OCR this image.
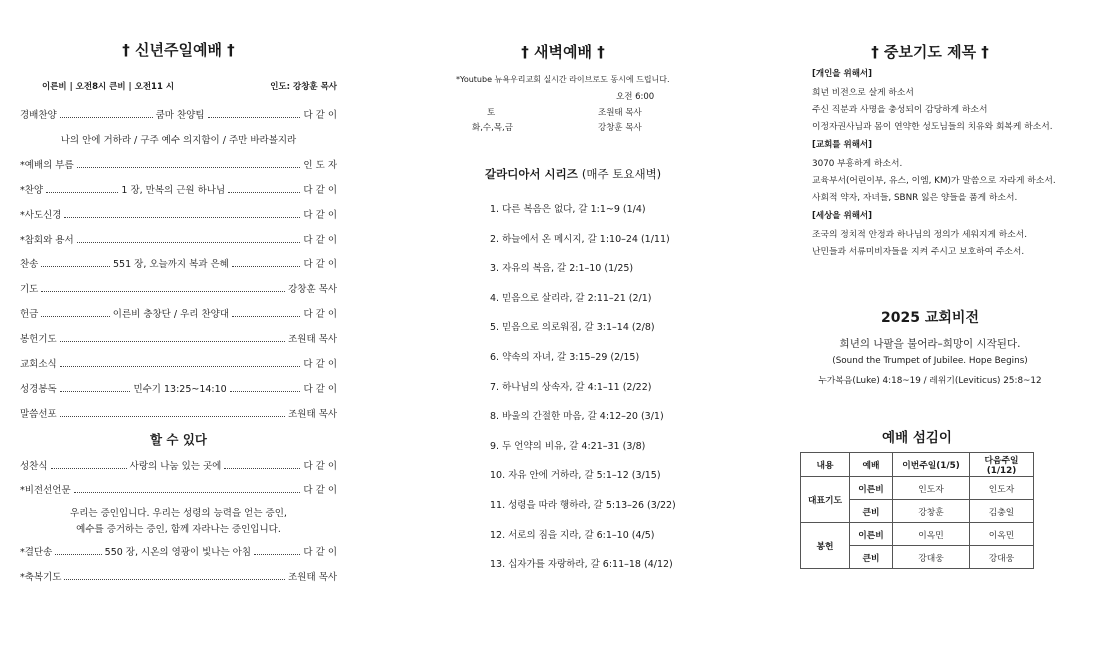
† 신년주일예배 †
이른비 | 오전8시 큰비 | 오전11 시	인도: 강창훈 목사
경배찬양	쿰마 찬양팀	다 같 이
나의 안에 거하라 / 구주 예수 의지함이 / 주만 바라볼지라
*예배의 부름	인 도 자
*찬양	1 장, 만복의 근원 하나님	다 같 이
*사도신경	다 같 이
*참회와 용서	다 같 이
찬송	551 장, 오늘까지 복과 은혜	다 같 이
기도	강창훈 목사
헌금	이른비 충창단 / 우리 찬양대	다 같 이
봉헌기도	조원태 목사
교회소식	다 같 이
성경봉독	민수기 13:25~14:10	다 같 이
말씀선포	조원태 목사
할 수 있다
성찬식	사랑의 나눔 있는 곳에	다 같 이
*비전선언문	다 같 이
우리는 증인입니다. 우리는 성령의 능력을 얻는 증인,
예수를 증거하는 증인, 함께 자라나는 증인입니다.
*결단송	550 장, 시온의 영광이 빛나는 아침	다 같 이
*축복기도	조원태 목사
† 새벽예배 †
*Youtube 뉴욕우리교회 실시간 라이브로도 동시에 드립니다.
오전 6:00
토	조원태 목사
화,수,목,금	강창훈 목사
갈라디아서 시리즈 (매주 토요새벽)
1. 다른 복음은 없다, 갈 1:1~9 (1/4)
2. 하늘에서 온 메시지, 갈 1:10–24 (1/11)
3. 자유의 복음, 갈 2:1–10 (1/25)
4. 믿음으로 살리라, 갈 2:11–21 (2/1)
5. 믿음으로 의로워짐, 갈 3:1–14 (2/8)
6. 약속의 자녀, 갈 3:15–29 (2/15)
7. 하나님의 상속자, 갈 4:1–11 (2/22)
8. 바울의 간절한 마음, 갈 4:12–20 (3/1)
9. 두 언약의 비유, 갈 4:21–31 (3/8)
10. 자유 안에 거하라, 갈 5:1–12 (3/15)
11. 성령을 따라 행하라, 갈 5:13–26 (3/22)
12. 서로의 짐을 지라, 갈 6:1–10 (4/5)
13. 십자가를 자랑하라, 갈 6:11–18 (4/12)
† 중보기도 제목 †
[개인을 위해서]
희년 비전으로 살게 하소서
주신 직분과 사명을 충성되이 감당하게 하소서
이정자권사님과 몸이 연약한 성도님들의 치유와 회복케 하소서.
[교회를 위해서]
3070 부흥하게 하소서.
교육부서(어린이부, 유스, 이엠, KM)가 말씀으로 자라게 하소서.
사회적 약자, 자녀들, SBNR 잃은 양들을 품게 하소서.
[세상을 위해서]
조국의 정치적 안정과 하나님의 정의가 세워지게 하소서.
난민들과 서류미비자들을 지켜 주시고 보호하여 주소서.
2025 교회비전
희년의 나팔을 불어라–희망이 시작된다.
(Sound the Trumpet of Jubilee. Hope Begins)
누가복음(Luke) 4:18~19 / 레위기(Leviticus) 25:8~12
예배 섬김이
내용	예배	이번주일(1/5)	다음주일(1/12)
대표기도	이른비	인도자	인도자
	큰비	강창훈	김충일
봉헌	이른비	이옥민	이옥민
	큰비	강대웅	강대웅
